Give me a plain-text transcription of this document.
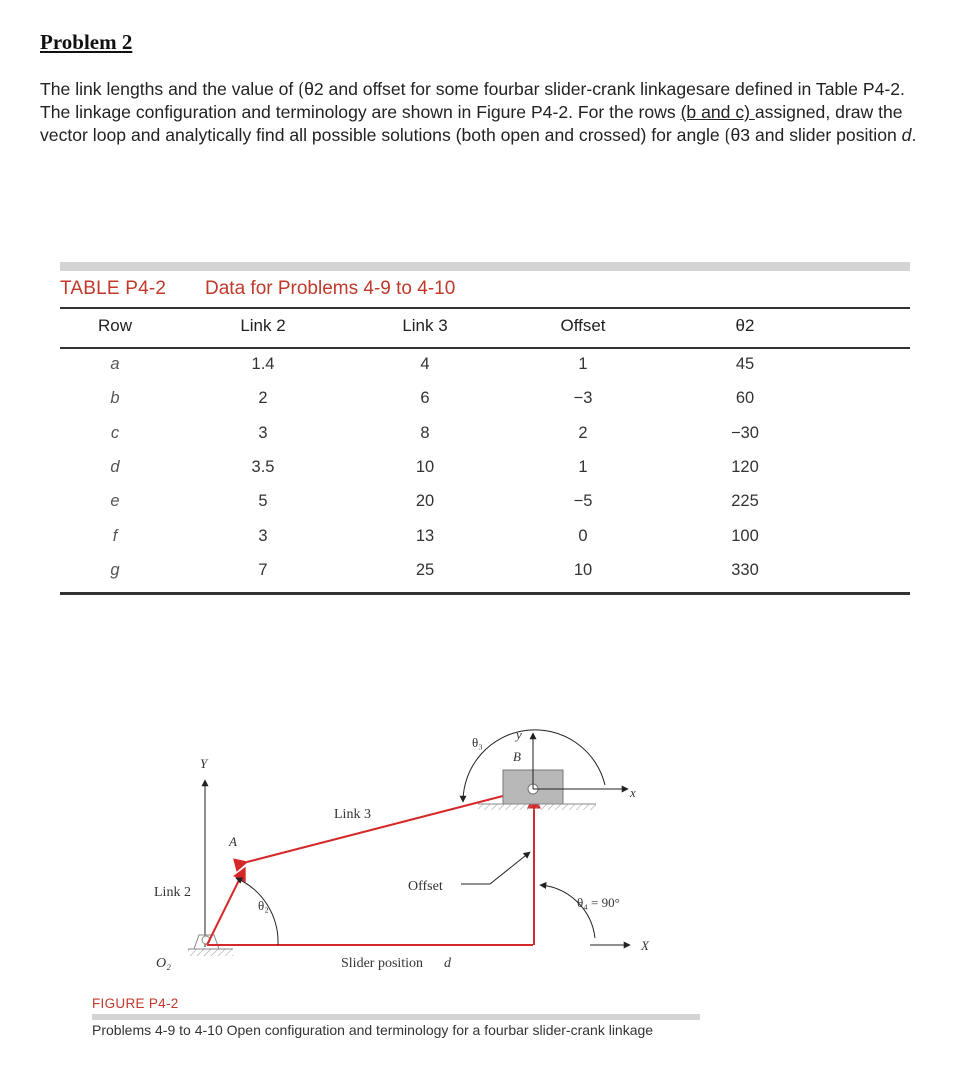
Problem 2
The link lengths and the value of ⟮θ2 and offset for some fourbar slider-crank linkagesare defined in Table P4-2. The linkage configuration and terminology are shown in Figure P4-2. For the rows (b and c) assigned, draw the vector loop and analytically find all possible solutions (both open and crossed) for angle ⟮θ3 and slider position d.
TABLE P4-2 Data for Problems 4-9 to 4-10
Row	Link 2	Link 3	Offset	θ2
a	1.4	4	1	45
b	2	6	−3	60
c	3	8	2	−30
d	3.5	10	1	120
e	5	20	−5	225
f	3	13	0	100
g	7	25	10	330
Y
A
Link 2
θ₂
O₂
Link 3
Offset
Slider position d
θ₃
y
B
x
θ₄ = 90°
X
FIGURE P4-2
Problems 4-9 to 4-10 Open configuration and terminology for a fourbar slider-crank linkage
